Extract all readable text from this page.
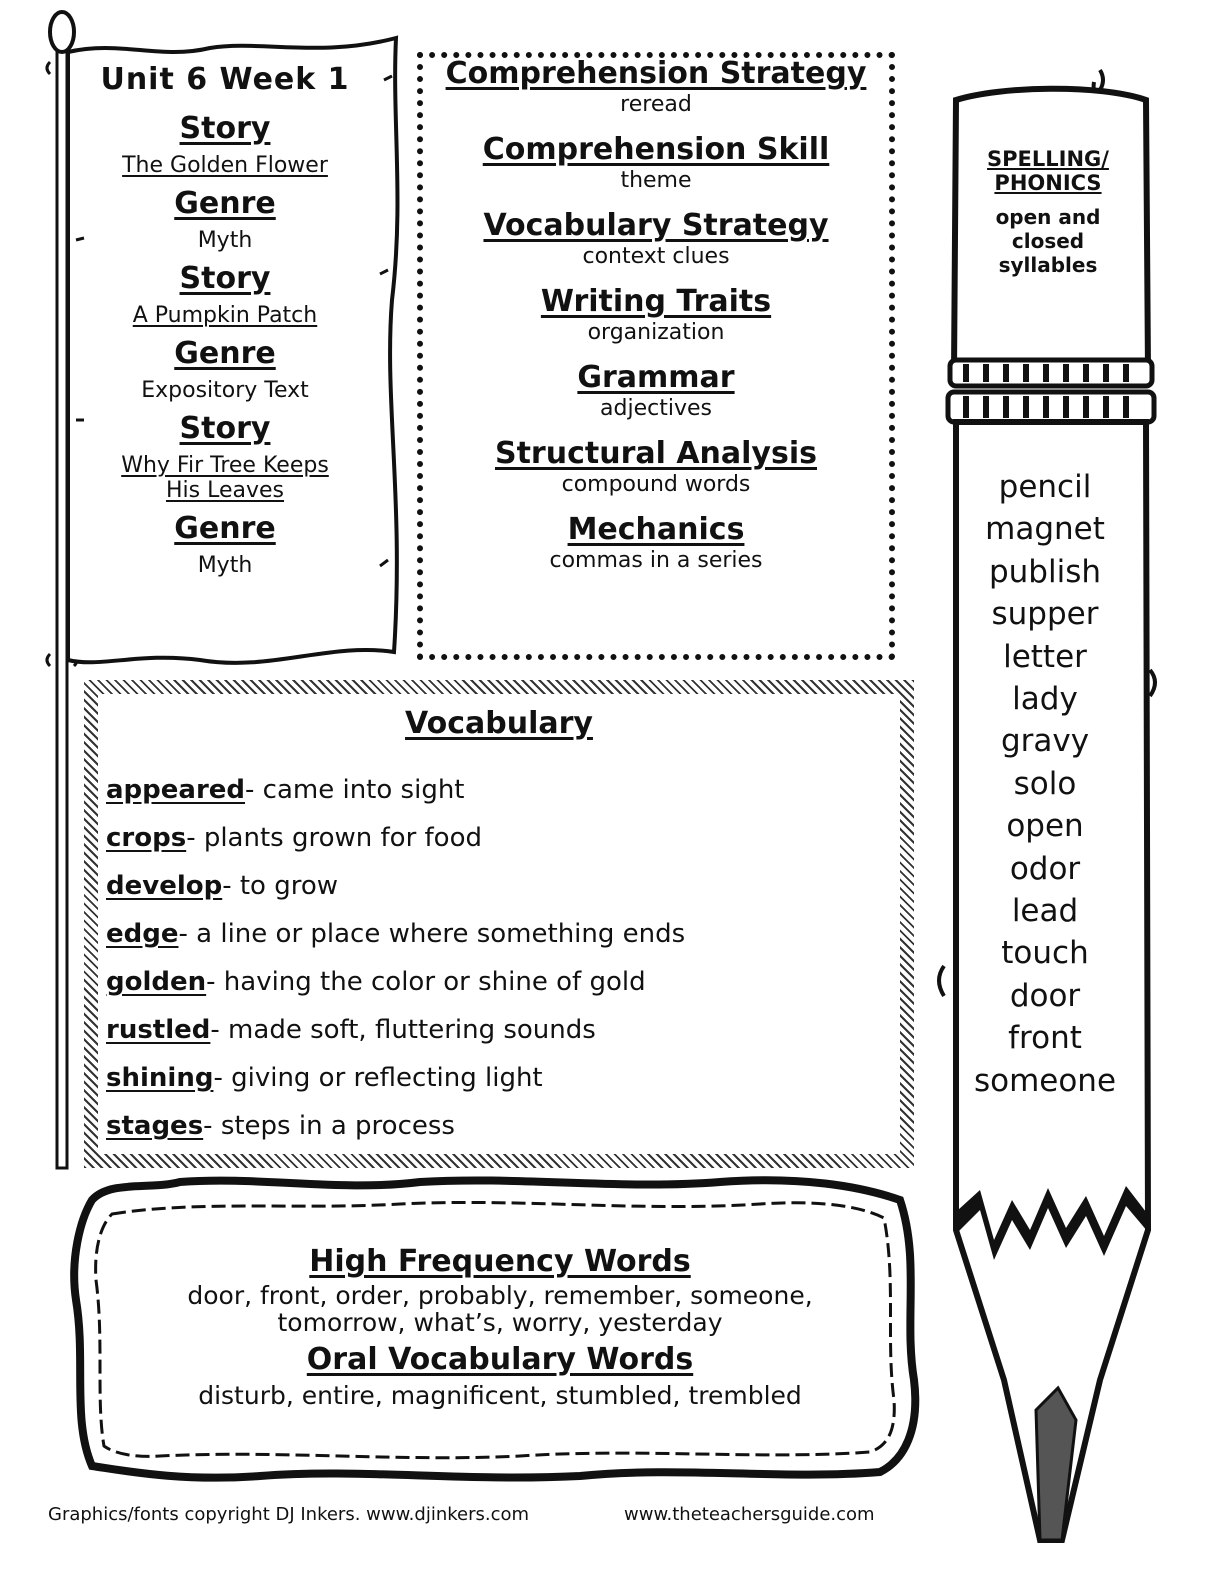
Unit 6 Week 1
Story
The Golden Flower
Genre
Myth
Story
A Pumpkin Patch
Genre
Expository Text
Story
Why Fir Tree Keeps His Leaves
Genre
Myth
Comprehension Strategy
reread
Comprehension Skill
theme
Vocabulary Strategy
context clues
Writing Traits
organization
Grammar
adjectives
Structural Analysis
compound words
Mechanics
commas in a series
Vocabulary
appeared- came into sight
crops- plants grown for food
develop- to grow
edge- a line or place where something ends
golden- having the color or shine of gold
rustled- made soft, fluttering sounds
shining- giving or reflecting light
stages- steps in a process
High Frequency Words
door, front, order, probably, remember, someone,
tomorrow, what’s, worry, yesterday
Oral Vocabulary Words
disturb, entire, magnificent, stumbled, trembled
SPELLING/
PHONICS
open and
closed
syllables
pencil
magnet
publish
supper
letter
lady
gravy
solo
open
odor
lead
touch
door
front
someone
Graphics/fonts copyright DJ Inkers. www.djinkers.com	www.theteachersguide.com
